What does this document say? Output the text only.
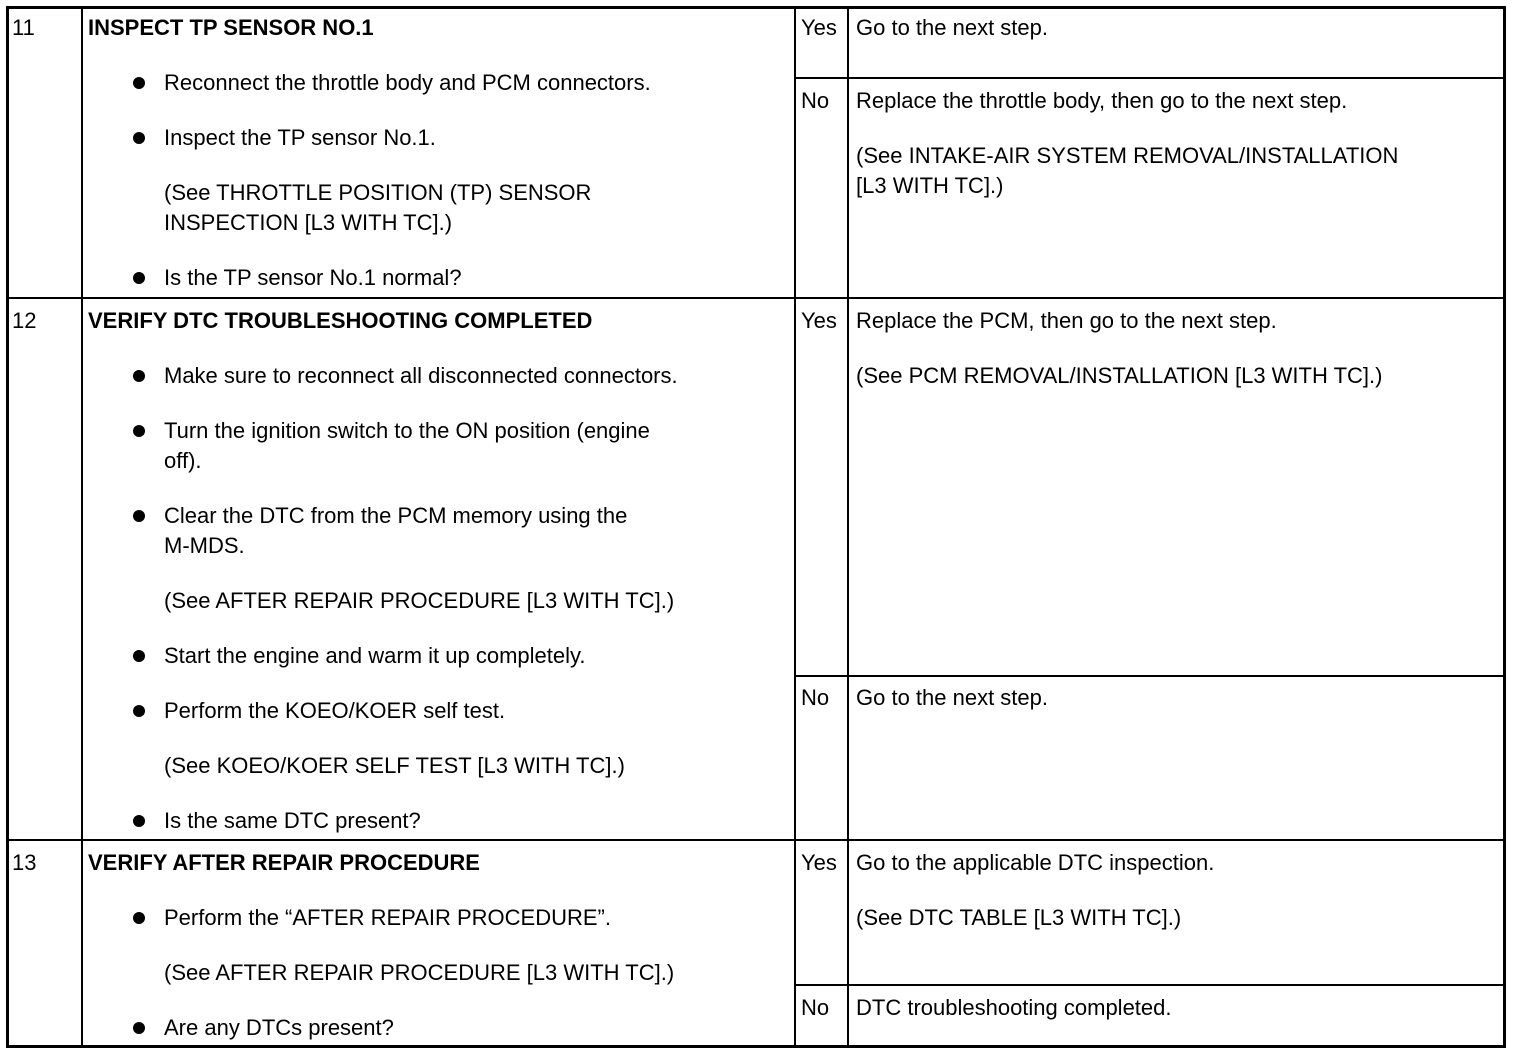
11 INSPECT TP SENSOR NO.1
Reconnect the throttle body and PCM connectors.
Inspect the TP sensor No.1.
(See THROTTLE POSITION (TP) SENSOR
INSPECTION [L3 WITH TC].)
Is the TP sensor No.1 normal?
Yes Go to the next step.
No Replace the throttle body, then go to the next step.
(See INTAKE-AIR SYSTEM REMOVAL/INSTALLATION
[L3 WITH TC].)
12 VERIFY DTC TROUBLESHOOTING COMPLETED
Make sure to reconnect all disconnected connectors.
Turn the ignition switch to the ON position (engine
off).
Clear the DTC from the PCM memory using the
M-MDS.
(See AFTER REPAIR PROCEDURE [L3 WITH TC].)
Start the engine and warm it up completely.
Perform the KOEO/KOER self test.
(See KOEO/KOER SELF TEST [L3 WITH TC].)
Is the same DTC present?
Yes Replace the PCM, then go to the next step.
(See PCM REMOVAL/INSTALLATION [L3 WITH TC].)
No Go to the next step.
13 VERIFY AFTER REPAIR PROCEDURE
Perform the “AFTER REPAIR PROCEDURE”.
(See AFTER REPAIR PROCEDURE [L3 WITH TC].)
Are any DTCs present?
Yes Go to the applicable DTC inspection.
(See DTC TABLE [L3 WITH TC].)
No DTC troubleshooting completed.
